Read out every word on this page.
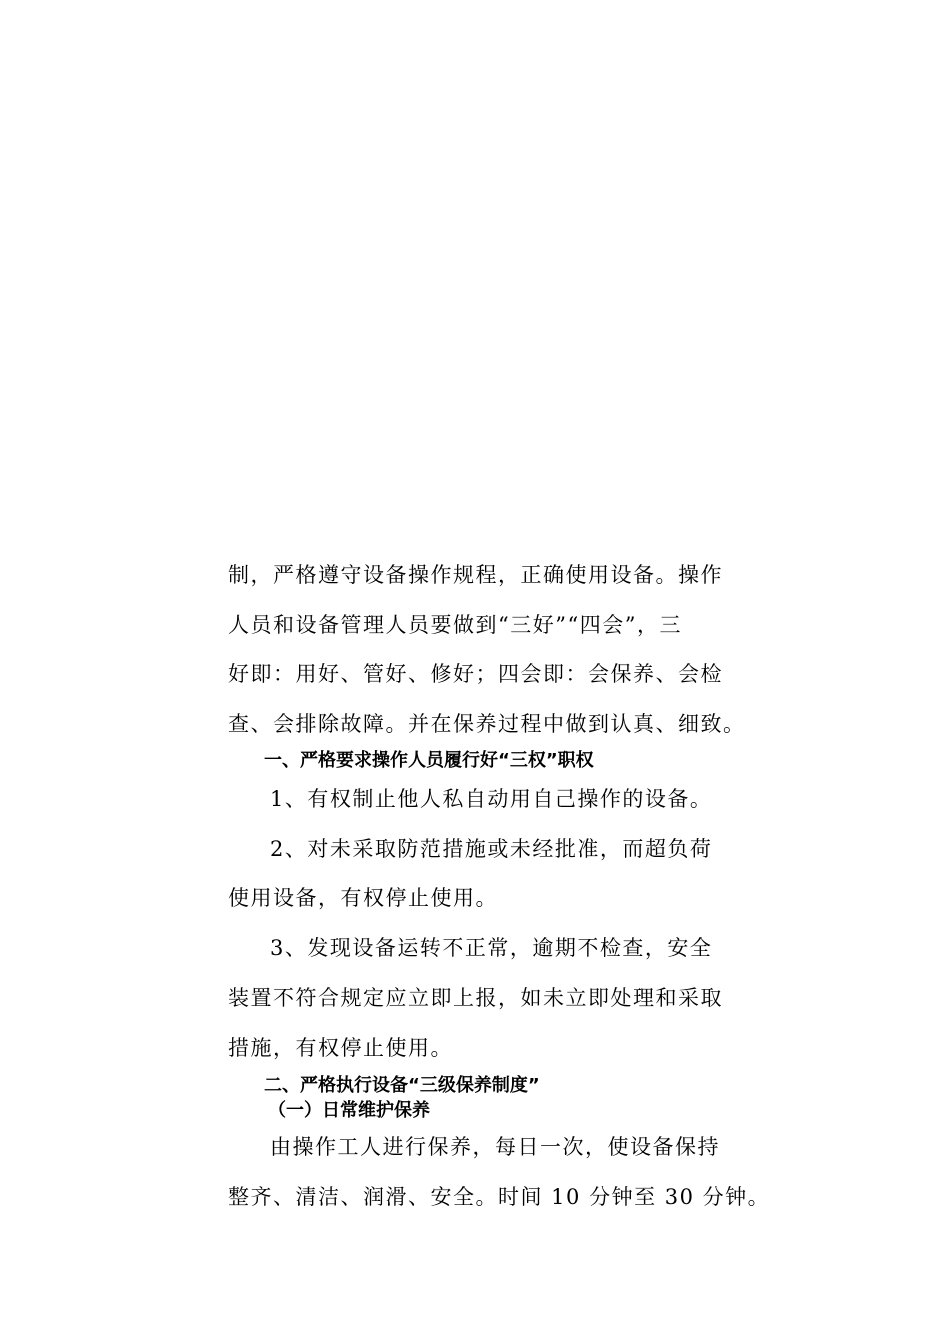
制，严格遵守设备操作规程，正确使用设备。操作
人员和设备管理人员要做到“三好”“四会”，三
好即：用好、管好、修好；四会即：会保养、会检
查、会排除故障。并在保养过程中做到认真、细致。
一、严格要求操作人员履行好“三权”职权
1、有权制止他人私自动用自己操作的设备。
2、对未采取防范措施或未经批准，而超负荷
使用设备，有权停止使用。
3、发现设备运转不正常，逾期不检查，安全
装置不符合规定应立即上报，如未立即处理和采取
措施，有权停止使用。
二、严格执行设备“三级保养制度”
（一）日常维护保养
由操作工人进行保养，每日一次，使设备保持
整齐、清洁、润滑、安全。时间 10 分钟至 30 分钟。
